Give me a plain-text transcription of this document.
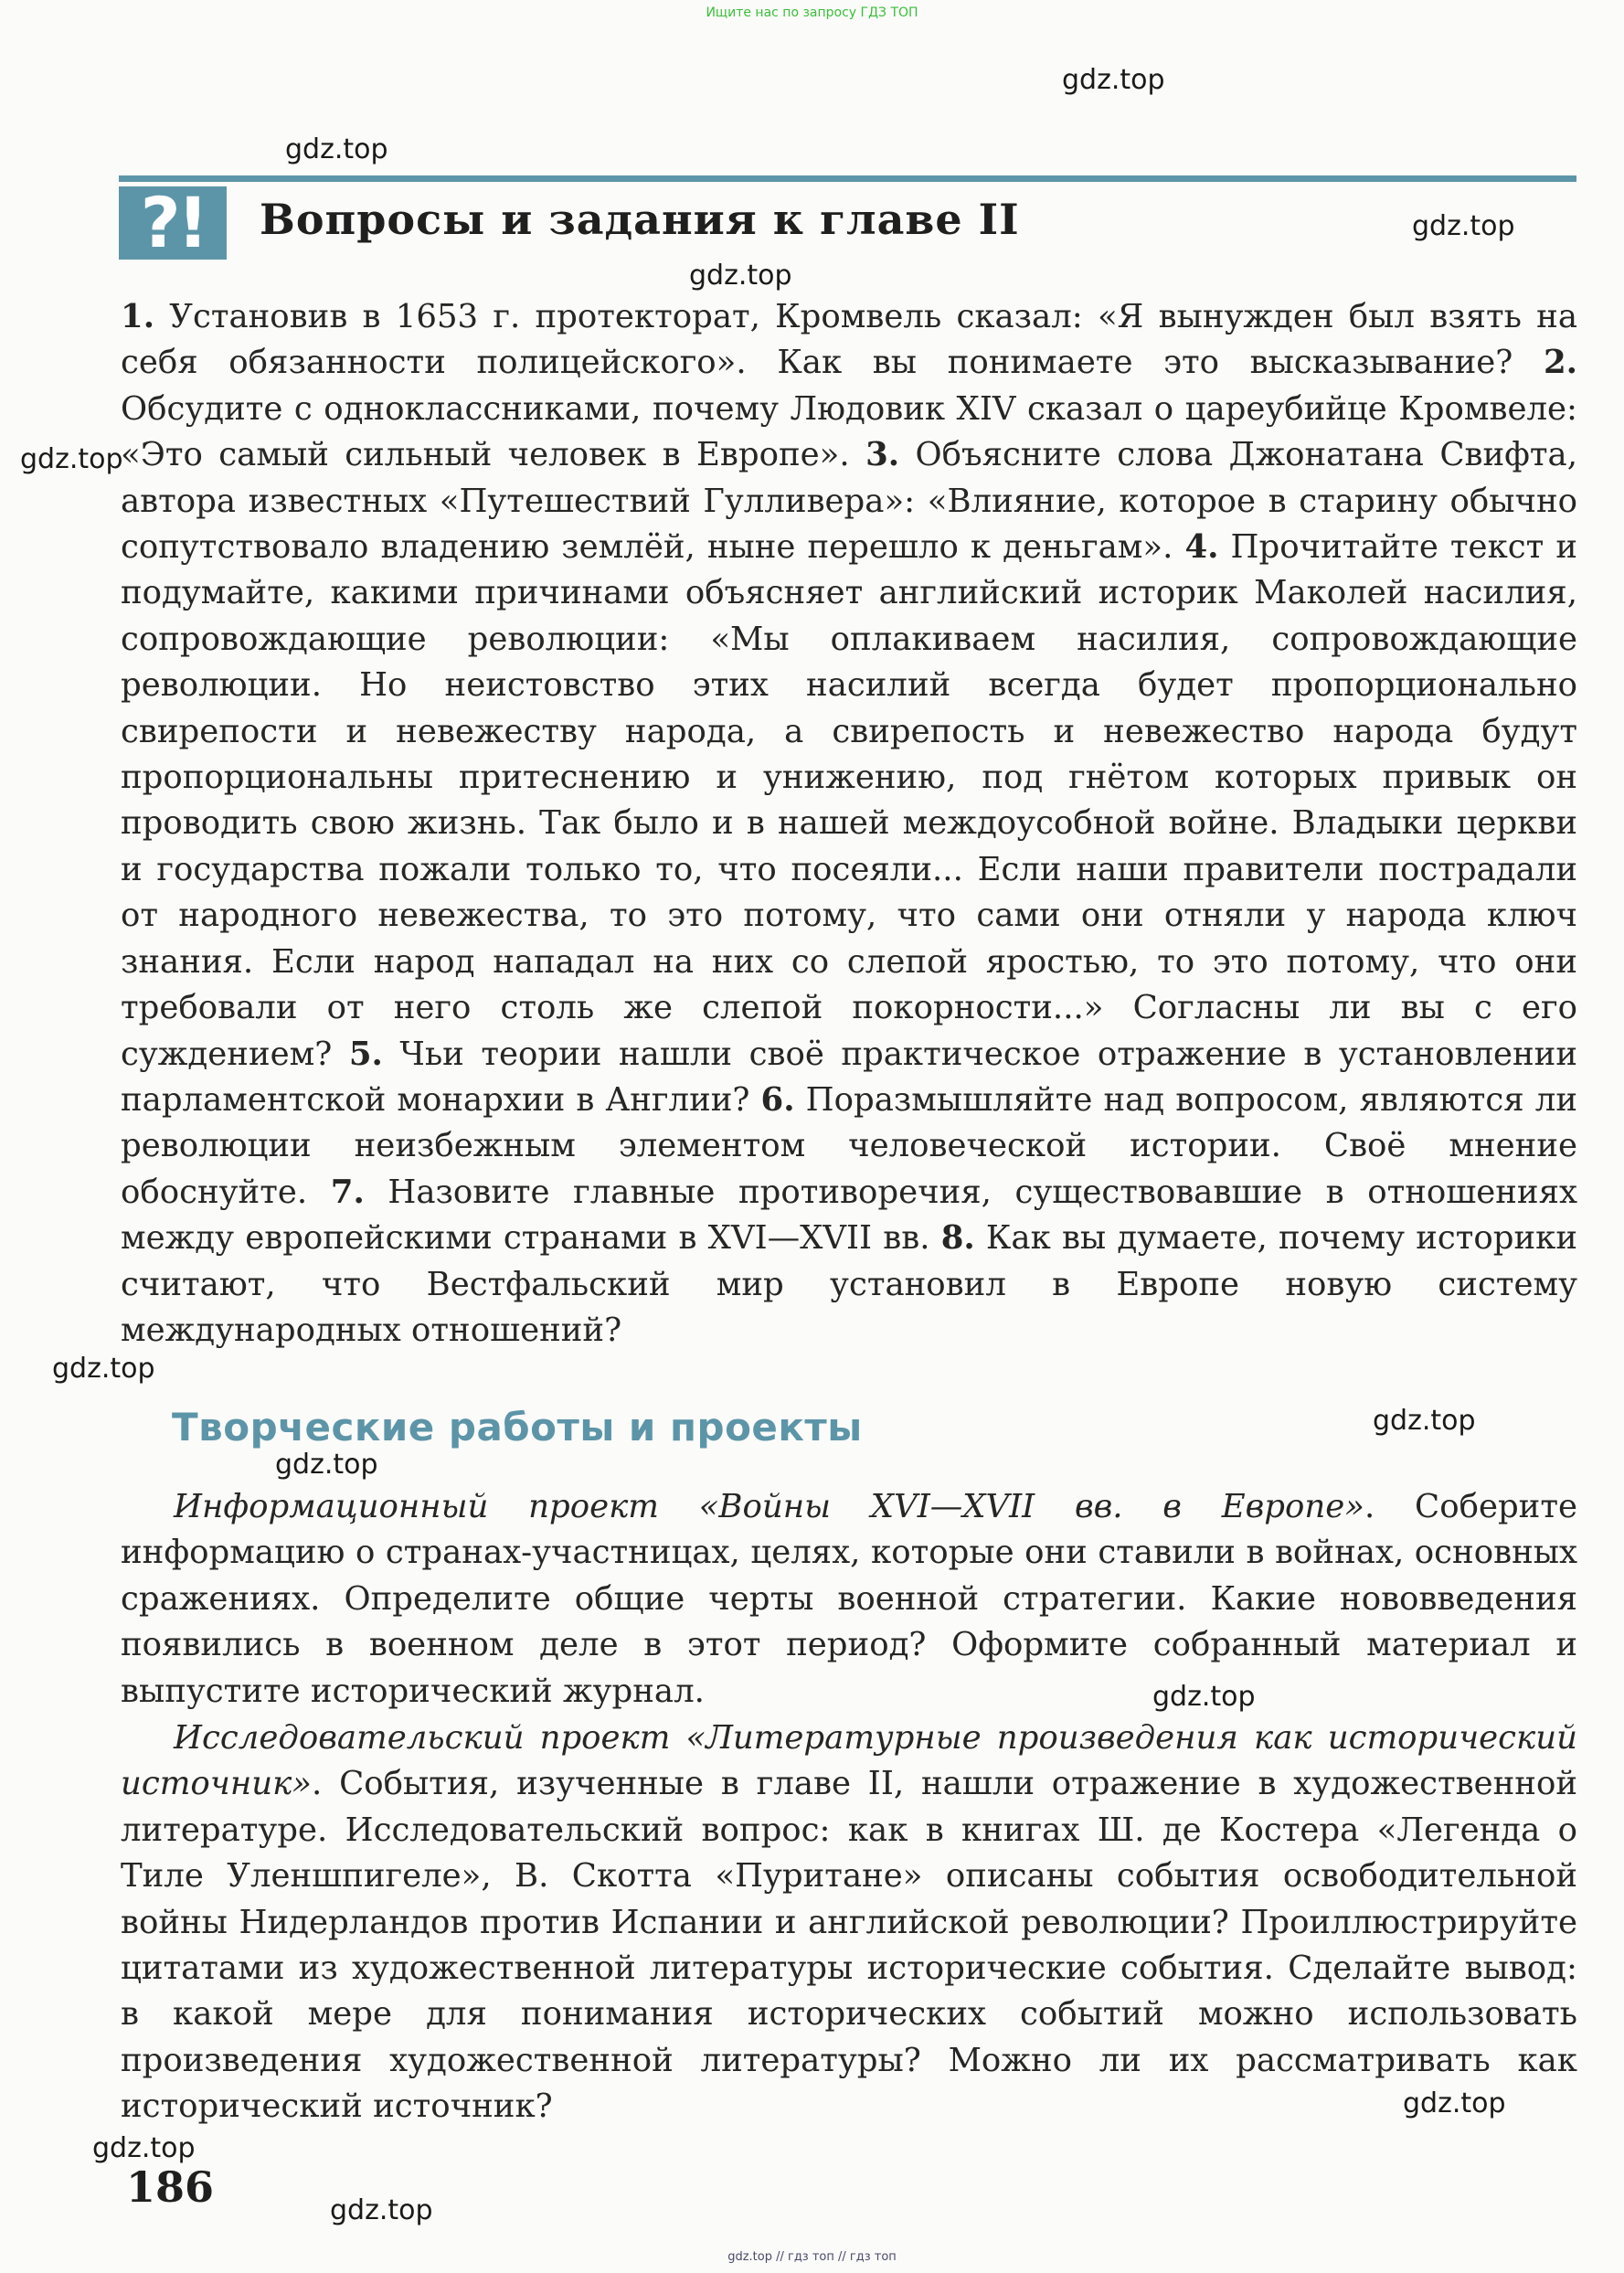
Ищите нас по запросу ГДЗ ТОП
?!	Вопросы и задания к главе II
1. Установив в 1653 г. протекторат, Кромвель сказал: «Я вынужден был взять на себя обязанности полицейского». Как вы понимаете это высказывание? 2. Обсудите с одноклассниками, почему Людовик XIV сказал о цареубийце Кромвеле: «Это самый сильный человек в Европе». 3. Объясните слова Джонатана Свифта, автора известных «Путешествий Гулливера»: «Влияние, которое в старину обычно сопутствовало владению землёй, ныне перешло к деньгам». 4. Прочитайте текст и подумайте, какими причинами объясняет английский историк Маколей насилия, сопровождающие революции: «Мы оплакиваем насилия, сопровождающие революции. Но неистовство этих насилий всегда будет пропорционально свирепости и невежеству народа, а свирепость и невежество народа будут пропорциональны притеснению и унижению, под гнётом которых привык он проводить свою жизнь. Так было и в нашей междоусобной войне. Владыки церкви и государства пожали только то, что посеяли... Если наши правители пострадали от народного невежества, то это потому, что сами они отняли у народа ключ знания. Если народ нападал на них со слепой яростью, то это потому, что они требовали от него столь же слепой покорности...» Согласны ли вы с его суждением? 5. Чьи теории нашли своё практическое отражение в установлении парламентской монархии в Англии? 6. Поразмышляйте над вопросом, являются ли революции неизбежным элементом человеческой истории. Своё мнение обоснуйте. 7. Назовите главные противоречия, существовавшие в отношениях между европейскими странами в XVI—XVII вв. 8. Как вы думаете, почему историки считают, что Вестфальский мир установил в Европе новую систему международных отношений?
Творческие работы и проекты
Информационный проект «Войны XVI—XVII вв. в Европе». Соберите информацию о странах-участницах, целях, которые они ставили в войнах, основных сражениях. Определите общие черты военной стратегии. Какие нововведения появились в военном деле в этот период? Оформите собранный материал и выпустите исторический журнал.
Исследовательский проект «Литературные произведения как исторический источник». События, изученные в главе II, нашли отражение в художественной литературе. Исследовательский вопрос: как в книгах Ш. де Костера «Легенда о Тиле Уленшпигеле», В. Скотта «Пуритане» описаны события освободительной войны Нидерландов против Испании и английской революции? Проиллюстрируйте цитатами из художественной литературы исторические события. Сделайте вывод: в какой мере для понимания исторических событий можно использовать произведения художественной литературы? Можно ли их рассматривать как исторический источник?
186
gdz.top
gdz.top
gdz.top
gdz.top
gdz.top
gdz.top
gdz.top
gdz.top
gdz.top
gdz.top
gdz.top
gdz.top
gdz.top // гдз топ // гдз топ
